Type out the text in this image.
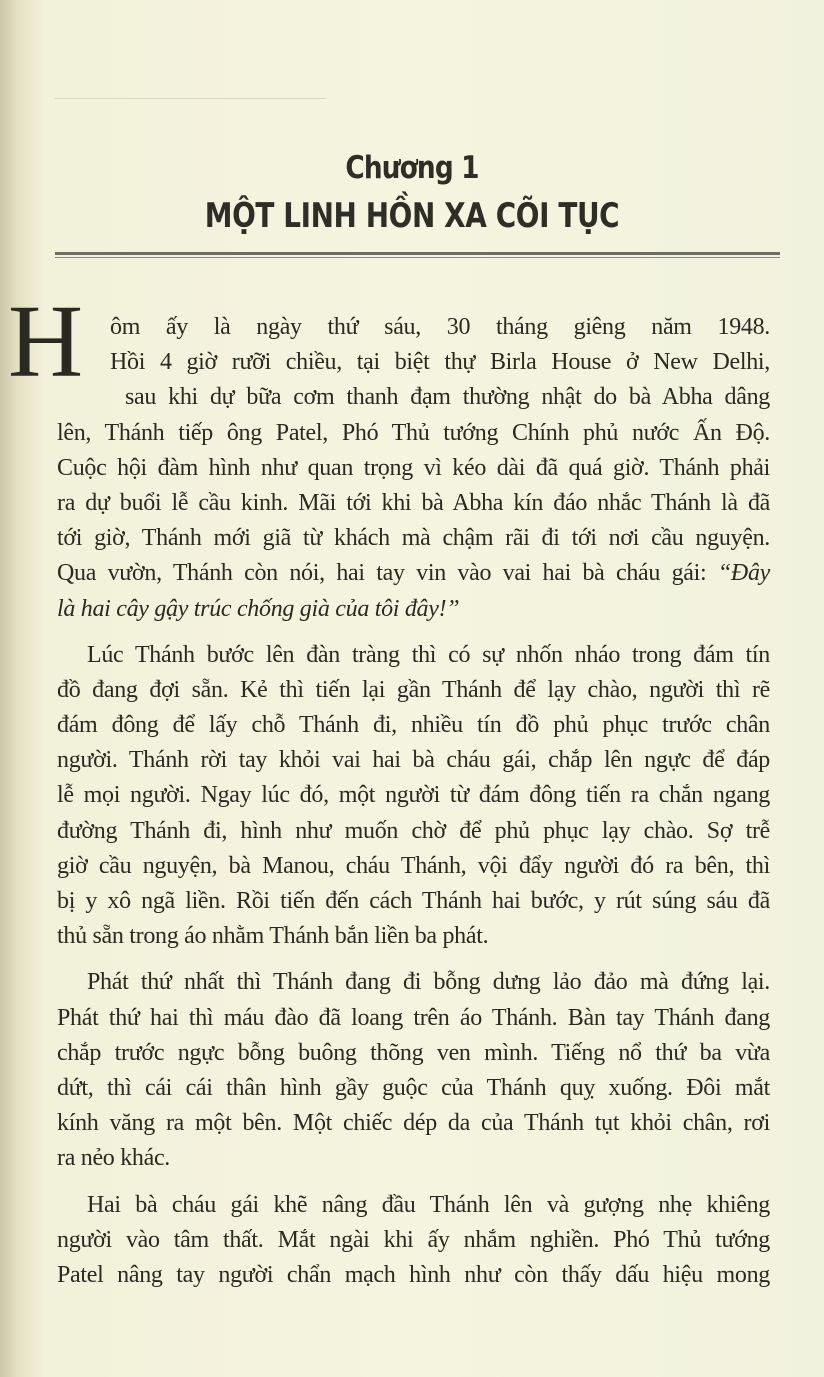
Chương 1
MỘT LINH HỒN XA CÕI TỤC
H	ôm ấy là ngày thứ sáu, 30 tháng giêng năm 1948.
Hồi 4 giờ rưỡi chiều, tại biệt thự Birla House ở New Delhi,
sau khi dự bữa cơm thanh đạm thường nhật do bà Abha dâng
lên, Thánh tiếp ông Patel, Phó Thủ tướng Chính phủ nước Ấn Độ.
Cuộc hội đàm hình như quan trọng vì kéo dài đã quá giờ. Thánh phải
ra dự buổi lễ cầu kinh. Mãi tới khi bà Abha kín đáo nhắc Thánh là đã
tới giờ, Thánh mới giã từ khách mà chậm rãi đi tới nơi cầu nguyện.
Qua vườn, Thánh còn nói, hai tay vin vào vai hai bà cháu gái: “Đây
là hai cây gậy trúc chống già của tôi đây!”
Lúc Thánh bước lên đàn tràng thì có sự nhốn nháo trong đám tín
đồ đang đợi sẵn. Kẻ thì tiến lại gần Thánh để lạy chào, người thì rẽ
đám đông để lấy chỗ Thánh đi, nhiều tín đồ phủ phục trước chân
người. Thánh rời tay khỏi vai hai bà cháu gái, chắp lên ngực để đáp
lễ mọi người. Ngay lúc đó, một người từ đám đông tiến ra chắn ngang
đường Thánh đi, hình như muốn chờ để phủ phục lạy chào. Sợ trễ
giờ cầu nguyện, bà Manou, cháu Thánh, vội đẩy người đó ra bên, thì
bị y xô ngã liền. Rồi tiến đến cách Thánh hai bước, y rút súng sáu đã
thủ sẵn trong áo nhằm Thánh bắn liền ba phát.
Phát thứ nhất thì Thánh đang đi bỗng dưng lảo đảo mà đứng lại.
Phát thứ hai thì máu đào đã loang trên áo Thánh. Bàn tay Thánh đang
chắp trước ngực bỗng buông thõng ven mình. Tiếng nổ thứ ba vừa
dứt, thì cái cái thân hình gầy guộc của Thánh quỵ xuống. Đôi mắt
kính văng ra một bên. Một chiếc dép da của Thánh tụt khỏi chân, rơi
ra nẻo khác.
Hai bà cháu gái khẽ nâng đầu Thánh lên và gượng nhẹ khiêng
người vào tâm thất. Mắt ngài khi ấy nhắm nghiền. Phó Thủ tướng
Patel nâng tay người chẩn mạch hình như còn thấy dấu hiệu mong
